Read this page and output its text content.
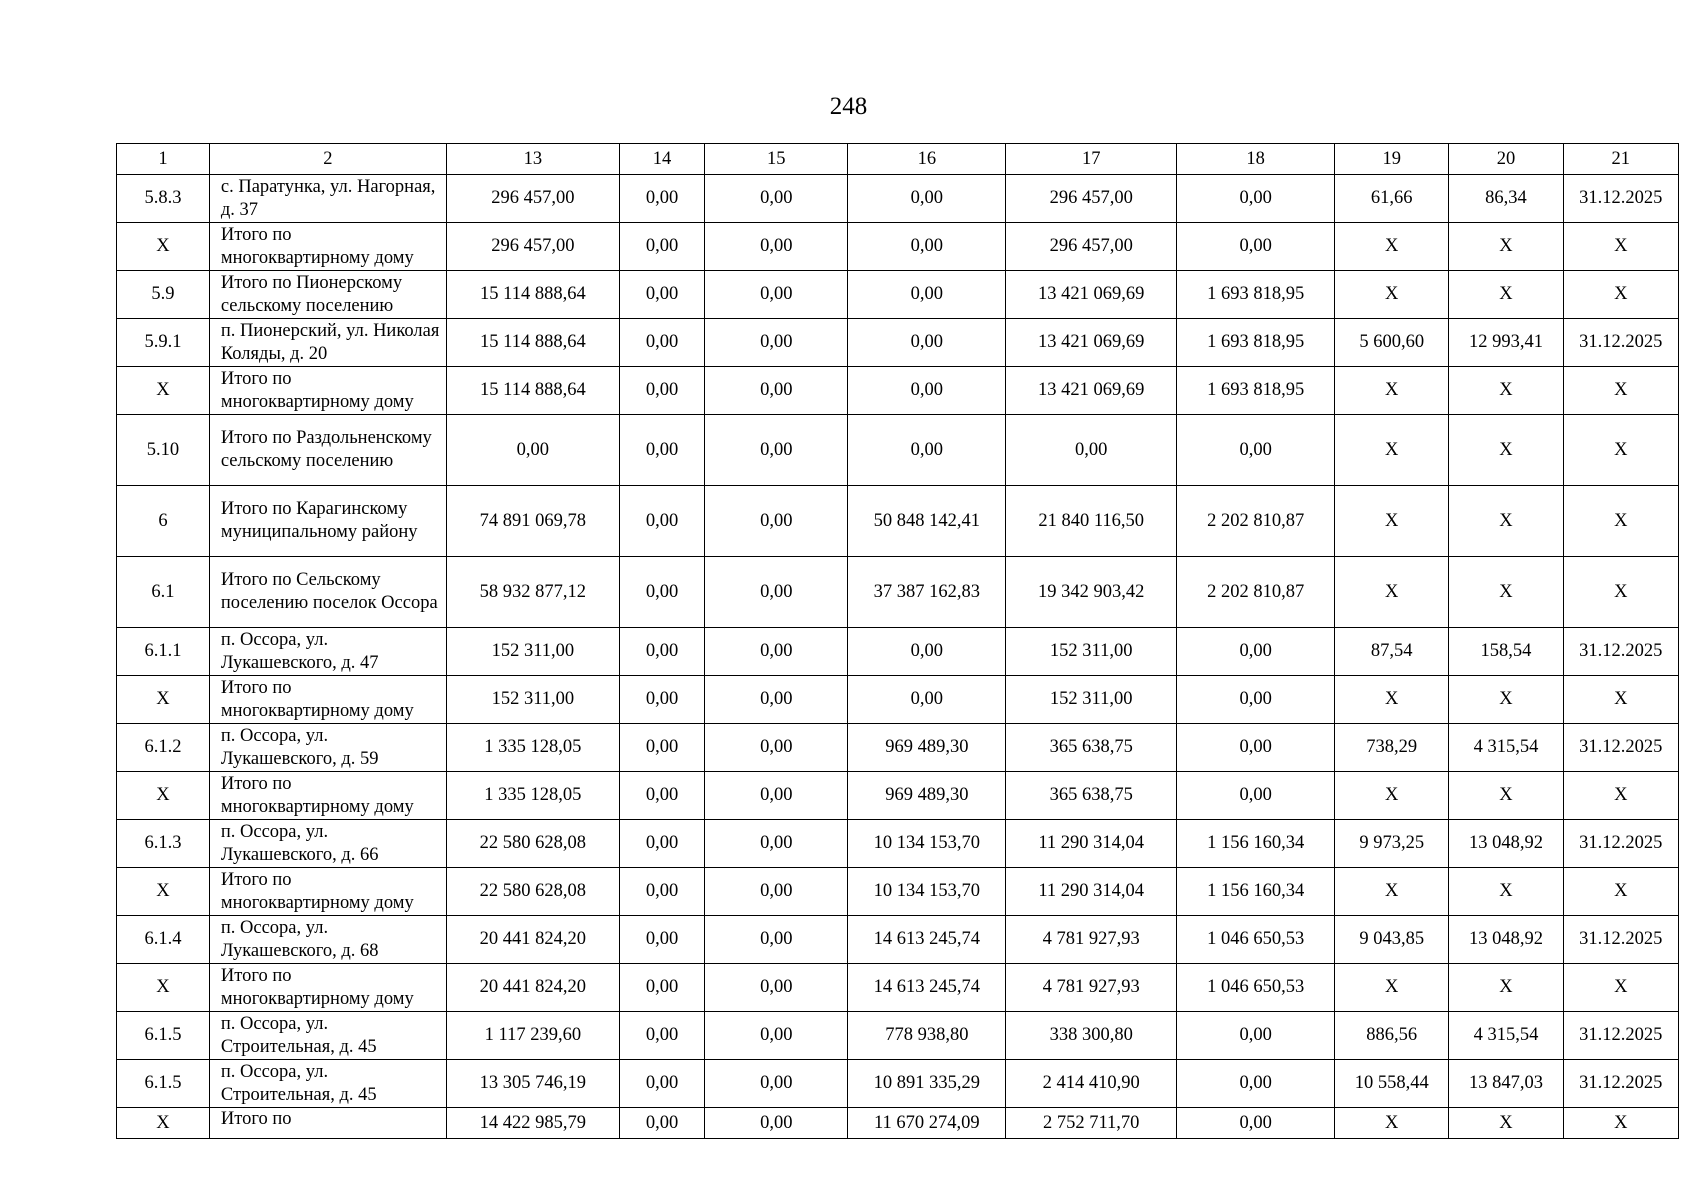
248
1	2	13	14	15	16	17	18	19	20	21
5.8.3	с. Паратунка, ул. Нагорная, д. 37	296 457,00	0,00	0,00	0,00	296 457,00	0,00	61,66	86,34	31.12.2025
X	Итого по многоквартирному дому	296 457,00	0,00	0,00	0,00	296 457,00	0,00	X	X	X
5.9	Итого по Пионерскому сельскому поселению	15 114 888,64	0,00	0,00	0,00	13 421 069,69	1 693 818,95	X	X	X
5.9.1	п. Пионерский, ул. Николая Коляды, д. 20	15 114 888,64	0,00	0,00	0,00	13 421 069,69	1 693 818,95	5 600,60	12 993,41	31.12.2025
X	Итого по многоквартирному дому	15 114 888,64	0,00	0,00	0,00	13 421 069,69	1 693 818,95	X	X	X
5.10	Итого по Раздольненскому сельскому поселению	0,00	0,00	0,00	0,00	0,00	0,00	X	X	X
6	Итого по Карагинскому муниципальному району	74 891 069,78	0,00	0,00	50 848 142,41	21 840 116,50	2 202 810,87	X	X	X
6.1	Итого по Сельскому поселению поселок Оссора	58 932 877,12	0,00	0,00	37 387 162,83	19 342 903,42	2 202 810,87	X	X	X
6.1.1	п. Оссора, ул. Лукашевского, д. 47	152 311,00	0,00	0,00	0,00	152 311,00	0,00	87,54	158,54	31.12.2025
X	Итого по многоквартирному дому	152 311,00	0,00	0,00	0,00	152 311,00	0,00	X	X	X
6.1.2	п. Оссора, ул. Лукашевского, д. 59	1 335 128,05	0,00	0,00	969 489,30	365 638,75	0,00	738,29	4 315,54	31.12.2025
X	Итого по многоквартирному дому	1 335 128,05	0,00	0,00	969 489,30	365 638,75	0,00	X	X	X
6.1.3	п. Оссора, ул. Лукашевского, д. 66	22 580 628,08	0,00	0,00	10 134 153,70	11 290 314,04	1 156 160,34	9 973,25	13 048,92	31.12.2025
X	Итого по многоквартирному дому	22 580 628,08	0,00	0,00	10 134 153,70	11 290 314,04	1 156 160,34	X	X	X
6.1.4	п. Оссора, ул. Лукашевского, д. 68	20 441 824,20	0,00	0,00	14 613 245,74	4 781 927,93	1 046 650,53	9 043,85	13 048,92	31.12.2025
X	Итого по многоквартирному дому	20 441 824,20	0,00	0,00	14 613 245,74	4 781 927,93	1 046 650,53	X	X	X
6.1.5	п. Оссора, ул. Строительная, д. 45	1 117 239,60	0,00	0,00	778 938,80	338 300,80	0,00	886,56	4 315,54	31.12.2025
6.1.5	п. Оссора, ул. Строительная, д. 45	13 305 746,19	0,00	0,00	10 891 335,29	2 414 410,90	0,00	10 558,44	13 847,03	31.12.2025
X	Итого по	14 422 985,79	0,00	0,00	11 670 274,09	2 752 711,70	0,00	X	X	X
